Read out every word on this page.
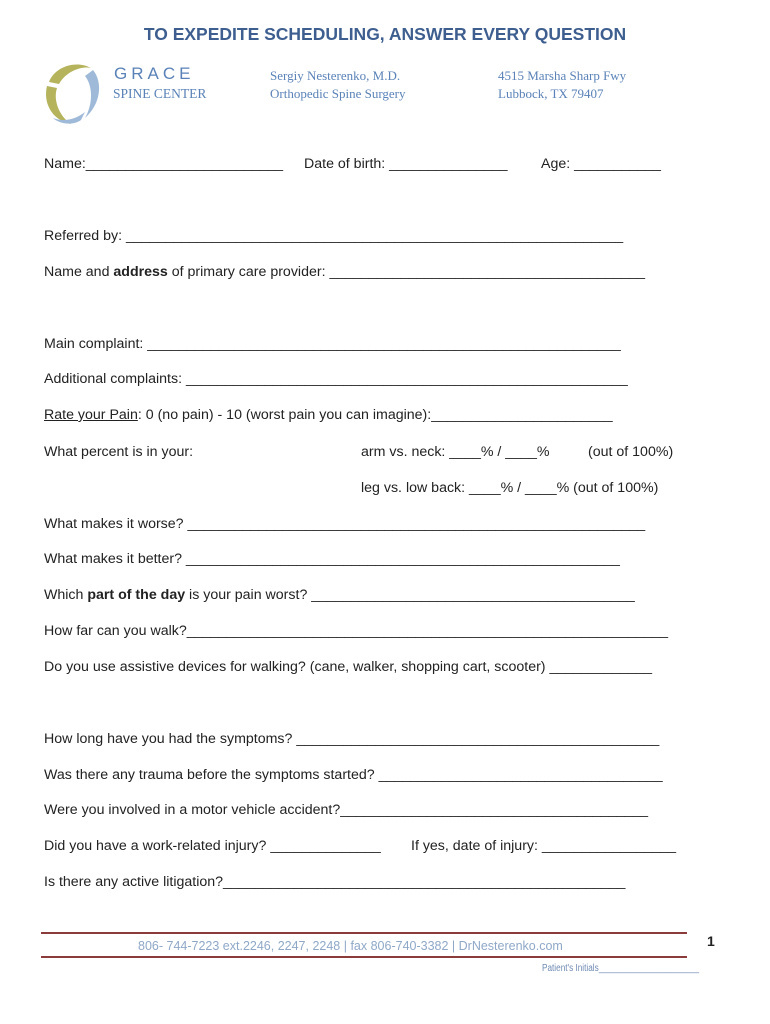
TO EXPEDITE SCHEDULING, ANSWER EVERY QUESTION
GRACE
SPINE CENTER
Sergiy Nesterenko, M.D.
Orthopedic Spine Surgery
4515 Marsha Sharp Fwy
Lubbock, TX 79407
Name:_________________________ Date of birth: _______________ Age: ___________
Referred by: _______________________________________________________________
Name and address of primary care provider: ________________________________________
Main complaint: ____________________________________________________________
Additional complaints: ________________________________________________________
Rate your Pain: 0 (no pain) - 10 (worst pain you can imagine):_______________________
What percent is in your:	arm vs. neck: ____% / ____%	(out of 100%)
leg vs. low back: ____% / ____% (out of 100%)
What makes it worse? __________________________________________________________
What makes it better? _______________________________________________________
Which part of the day is your pain worst? _________________________________________
How far can you walk?_____________________________________________________________
Do you use assistive devices for walking? (cane, walker, shopping cart, scooter) _____________
How long have you had the symptoms? ______________________________________________
Was there any trauma before the symptoms started? ____________________________________
Were you involved in a motor vehicle accident?_______________________________________
Did you have a work-related injury? ______________ If yes, date of injury: _________________
Is there any active litigation?___________________________________________________
806- 744-7223 ext.2246, 2247, 2248 | fax 806-740-3382 | DrNesterenko.com	1
Patient's Initials______________________
